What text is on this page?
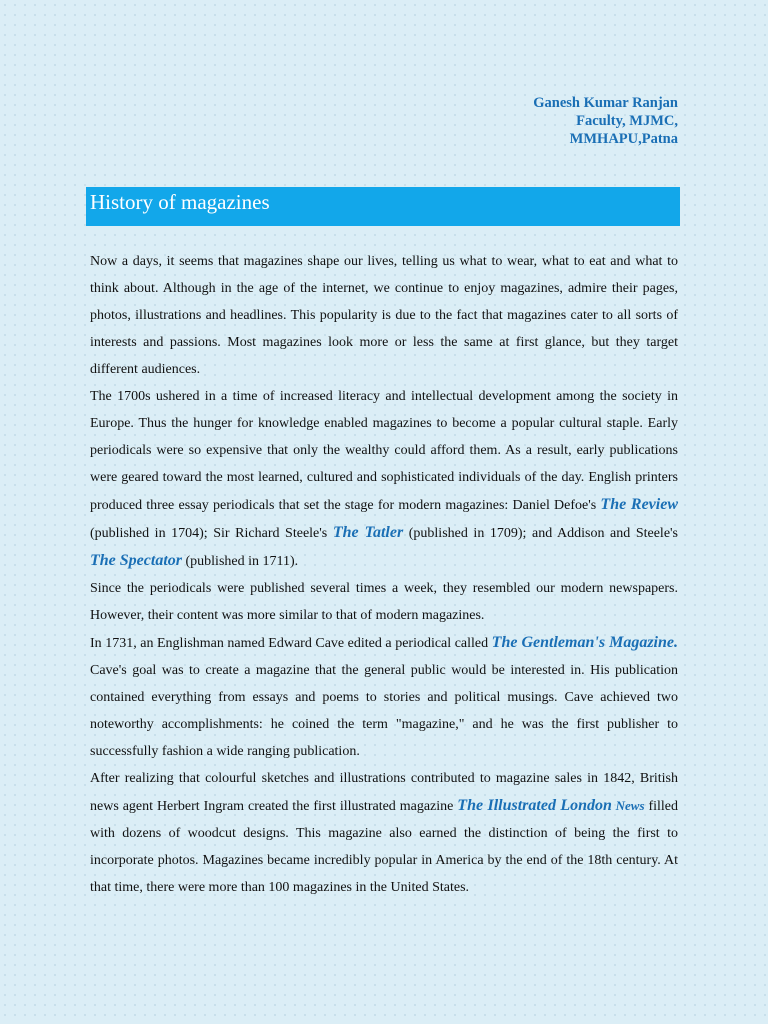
Ganesh Kumar Ranjan
Faculty, MJMC,
MMHAPU,Patna
History of magazines

Now a days, it seems that magazines shape our lives, telling us what to wear, what to eat and what to think about. Although in the age of the internet, we continue to enjoy magazines, admire their pages, photos, illustrations and headlines. This popularity is due to the fact that magazines cater to all sorts of interests and passions. Most magazines look more or less the same at first glance, but they target different audiences.

The 1700s ushered in a time of increased literacy and intellectual development among the society in Europe. Thus the hunger for knowledge enabled magazines to become a popular cultural staple. Early periodicals were so expensive that only the wealthy could afford them. As a result, early publications were geared toward the most learned, cultured and sophisticated individuals of the day. English printers produced three essay periodicals that set the stage for modern magazines: Daniel Defoe's The Review (published in 1704); Sir Richard Steele's The Tatler (published in 1709); and Addison and Steele's The Spectator (published in 1711).

Since the periodicals were published several times a week, they resembled our modern newspapers. However, their content was more similar to that of modern magazines.

In 1731, an Englishman named Edward Cave edited a periodical called The Gentleman's Magazine. Cave's goal was to create a magazine that the general public would be interested in. His publication contained everything from essays and poems to stories and political musings. Cave achieved two noteworthy accomplishments: he coined the term "magazine," and he was the first publisher to successfully fashion a wide ranging publication.

After realizing that colourful sketches and illustrations contributed to magazine sales in 1842, British news agent Herbert Ingram created the first illustrated magazine The Illustrated London News filled with dozens of woodcut designs. This magazine also earned the distinction of being the first to incorporate photos. Magazines became incredibly popular in America by the end of the 18th century. At that time, there were more than 100 magazines in the United States.
